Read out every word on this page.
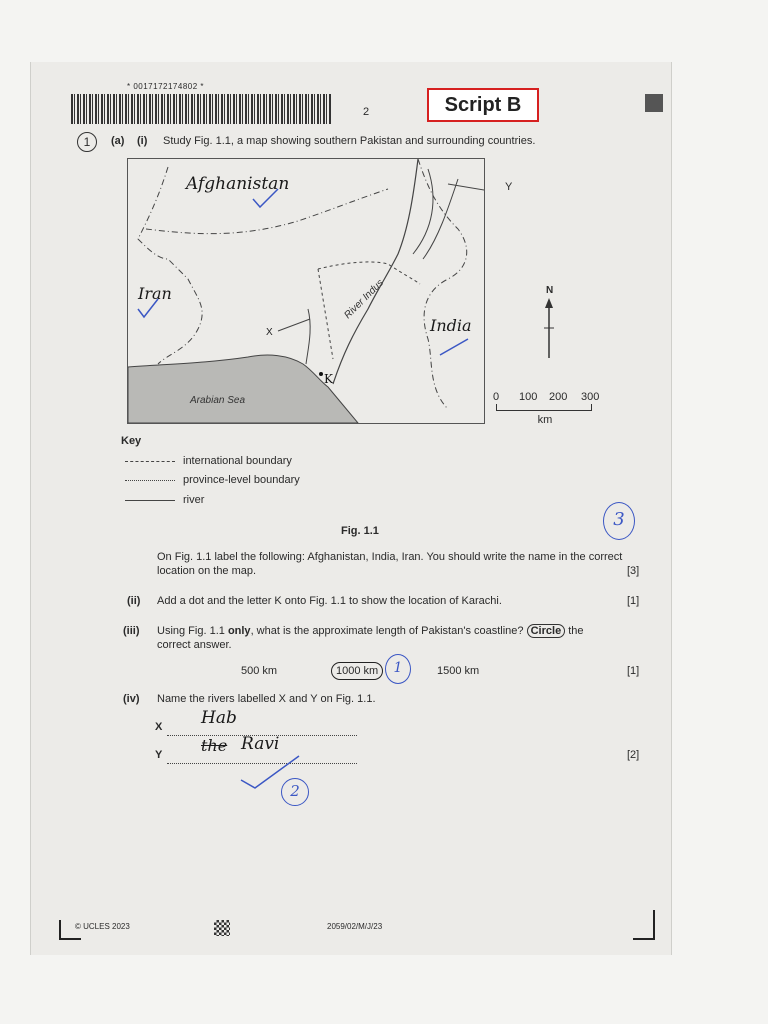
* 0017172174802 *
2	Script B
1	(a) (i) Study Fig. 1.1, a map showing southern Pakistan and surrounding countries.
Arabian Sea
River Indus
X
K
Afghanistan
Iran
India
Y
N
0 100 200 300
km
Key
international boundary
province-level boundary
river
Fig. 1.1
3
On Fig. 1.1 label the following: Afghanistan, India, Iran. You should write the name in the correct location on the map.	[3]
(ii) Add a dot and the letter K onto Fig. 1.1 to show the location of Karachi.	[1]
(iii) Using Fig. 1.1 only, what is the approximate length of Pakistan's coastline? Circle the
correct answer.
500 km	1000 km	1	1500 km	[1]
(iv) Name the rivers labelled X and Y on Fig. 1.1.
X Hab
Y the Ravi
[2]
2
© UCLES 2023	2059/02/M/J/23
